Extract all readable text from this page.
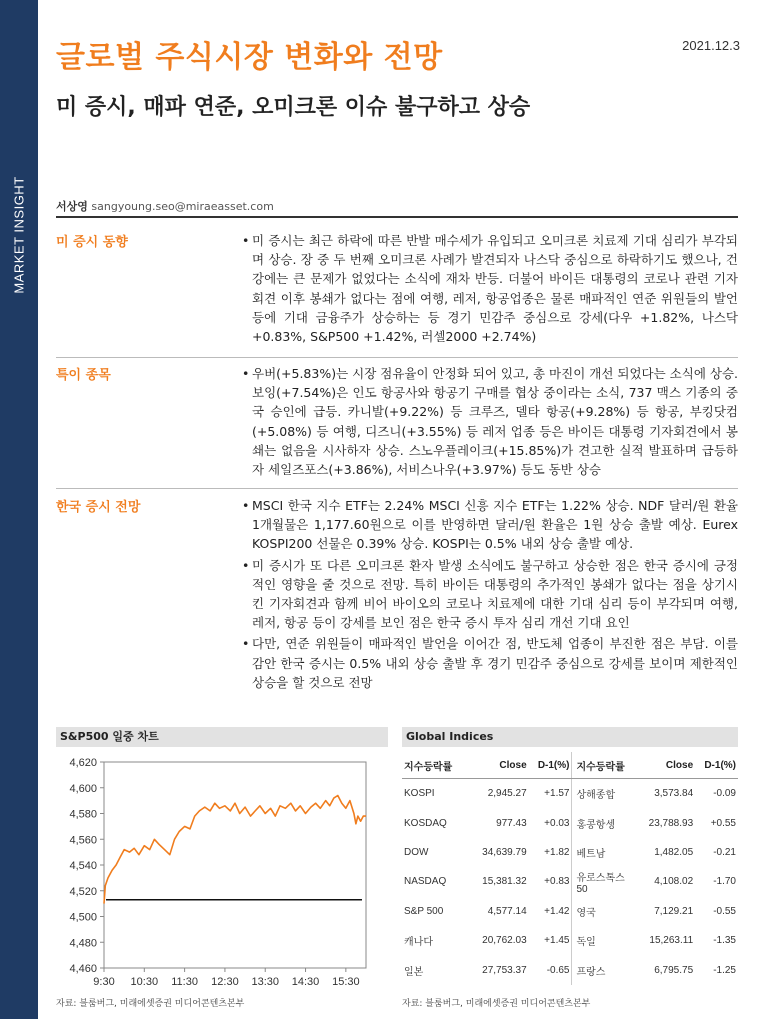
MARKET INSIGHT
2021.12.3
글로벌 주식시장 변화와 전망
미 증시, 매파 연준, 오미크론 이슈 불구하고 상승
서상영 sangyoung.seo@miraeasset.com
미 증시 동향	• 미 증시는 최근 하락에 따른 반발 매수세가 유입되고 오미크론 치료제 기대 심리가 부각되며 상승. 장 중 두 번째 오미크론 사례가 발견되자 나스닥 중심으로 하락하기도 했으나, 건강에는 큰 문제가 없었다는 소식에 재차 반등. 더불어 바이든 대통령의 코로나 관련 기자 회견 이후 봉쇄가 없다는 점에 여행, 레저, 항공업종은 물론 매파적인 연준 위원들의 발언 등에 기대 금융주가 상승하는 등 경기 민감주 중심으로 강세(다우 +1.82%, 나스닥 +0.83%, S&P500 +1.42%, 러셀2000 +2.74%)
특이 종목	• 우버(+5.83%)는 시장 점유율이 안정화 되어 있고, 총 마진이 개선 되었다는 소식에 상승. 보잉(+7.54%)은 인도 항공사와 항공기 구매를 협상 중이라는 소식, 737 맥스 기종의 중국 승인에 급등. 카니발(+9.22%) 등 크루즈, 델타 항공(+9.28%) 등 항공, 부킹닷컴(+5.08%) 등 여행, 디즈니(+3.55%) 등 레저 업종 등은 바이든 대통령 기자회견에서 봉쇄는 없음을 시사하자 상승. 스노우플레이크(+15.85%)가 견고한 실적 발표하며 급등하자 세일즈포스(+3.86%), 서비스나우(+3.97%) 등도 동반 상승
한국 증시 전망	• MSCI 한국 지수 ETF는 2.24% MSCI 신흥 지수 ETF는 1.22% 상승. NDF 달러/원 환율 1개월물은 1,177.60원으로 이를 반영하면 달러/원 환율은 1원 상승 출발 예상. Eurex KOSPI200 선물은 0.39% 상승. KOSPI는 0.5% 내외 상승 출발 예상.
• 미 증시가 또 다른 오미크론 환자 발생 소식에도 불구하고 상승한 점은 한국 증시에 긍정적인 영향을 줄 것으로 전망. 특히 바이든 대통령의 추가적인 봉쇄가 없다는 점을 상기시킨 기자회견과 함께 비어 바이오의 코로나 치료제에 대한 기대 심리 등이 부각되며 여행, 레저, 항공 등이 강세를 보인 점은 한국 증시 투자 심리 개선 기대 요인
• 다만, 연준 위원들이 매파적인 발언을 이어간 점, 반도체 업종이 부진한 점은 부담. 이를 감안 한국 증시는 0.5% 내외 상승 출발 후 경기 민감주 중심으로 강세를 보이며 제한적인 상승을 할 것으로 전망
S&P500 일중 차트
4,460
4,480
4,500
4,520
4,540
4,560
4,580
4,600
4,620
9:30 10:30 11:30 12:30 13:30 14:30 15:30
자료: 블룸버그, 미래에셋증권 미디어콘텐츠본부
Global Indices
지수등락률	Close	D-1(%)	지수등락률	Close	D-1(%)
KOSPI	2,945.27	+1.57	상해종합	3,573.84	-0.09
KOSDAQ	977.43	+0.03	홍콩항셍	23,788.93	+0.55
DOW	34,639.79	+1.82	베트남	1,482.05	-0.21
NASDAQ	15,381.32	+0.83	유로스톡스 50	4,108.02	-1.70
S&P 500	4,577.14	+1.42	영국	7,129.21	-0.55
캐나다	20,762.03	+1.45	독일	15,263.11	-1.35
일본	27,753.37	-0.65	프랑스	6,795.75	-1.25
자료: 블룸버그, 미래에셋증권 미디어콘텐츠본부
